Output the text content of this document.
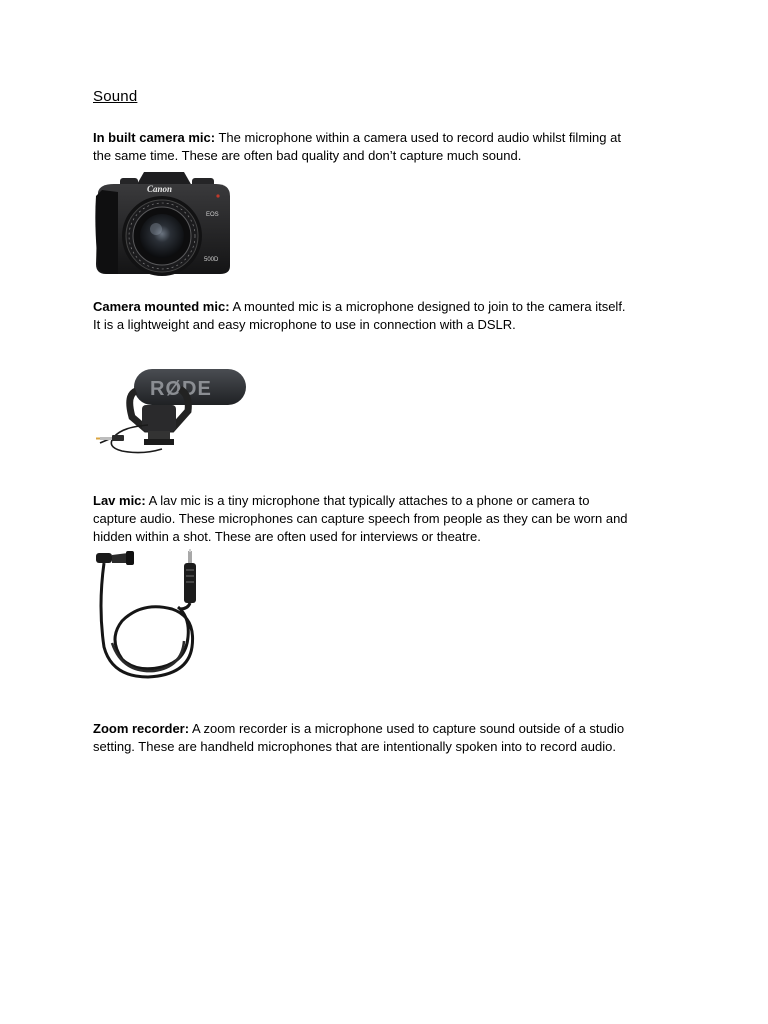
Sound
In built camera mic: The microphone within a camera used to record audio whilst filming at
the same time. These are often bad quality and don’t capture much sound.
Canon
EOS
500D
Camera mounted mic: A mounted mic is a microphone designed to join to the camera itself.
It is a lightweight and easy microphone to use in connection with a DSLR.
RØDE
Lav mic: A lav mic is a tiny microphone that typically attaches to a phone or camera to
capture audio. These microphones can capture speech from people as they can be worn and
hidden within a shot. These are often used for interviews or theatre.
Zoom recorder: A zoom recorder is a microphone used to capture sound outside of a studio
setting. These are handheld microphones that are intentionally spoken into to record audio.
